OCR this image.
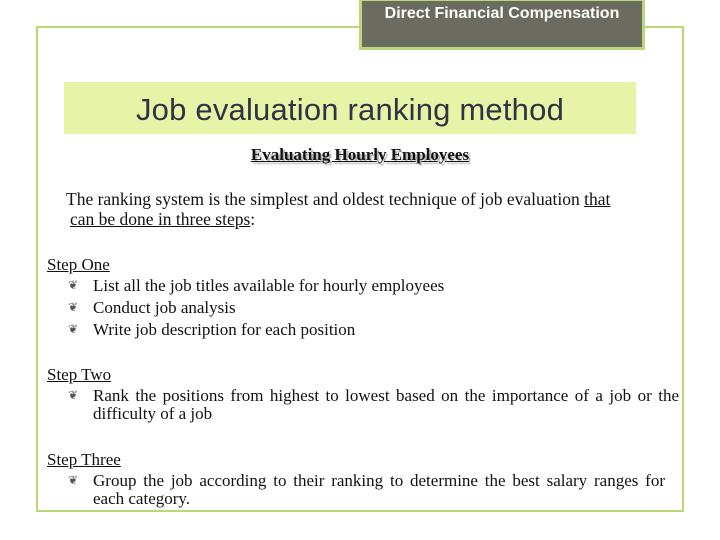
Direct Financial Compensation
Job evaluation ranking method
Evaluating Hourly Employees
The ranking system is the simplest and oldest technique of job evaluation that
can be done in three steps:
Step One
❦ List all the job titles available for hourly employees
❦ Conduct job analysis
❦ Write job description for each position
Step Two
❦ Rank the positions from highest to lowest based on the importance of a job or the difficulty of a job
Step Three
❦ Group the job according to their ranking to determine the best salary ranges for each category.
